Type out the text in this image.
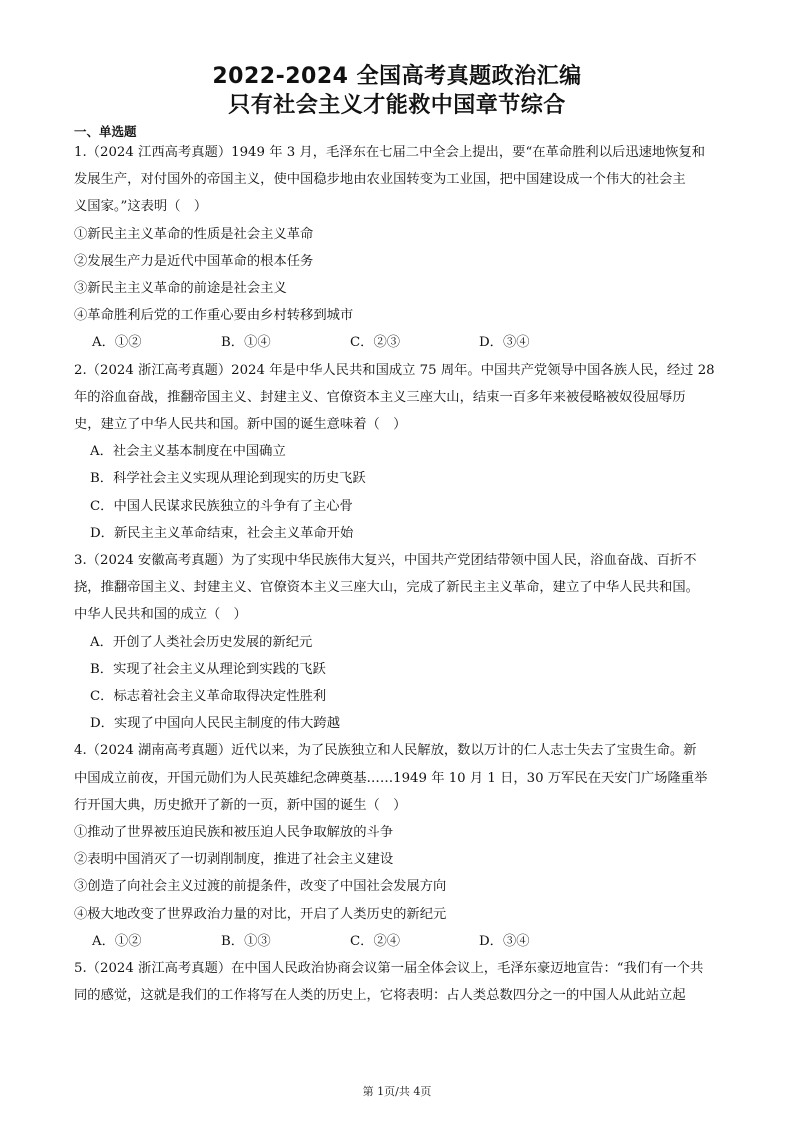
2022-2024 全国高考真题政治汇编
只有社会主义才能救中国章节综合
一、单选题
1.（2024 江西高考真题）1949 年 3 月，毛泽东在七届二中全会上提出，要“在革命胜利以后迅速地恢复和
发展生产，对付国外的帝国主义，使中国稳步地由农业国转变为工业国，把中国建设成一个伟大的社会主
义国家。”这表明（　）
①新民主主义革命的性质是社会主义革命
②发展生产力是近代中国革命的根本任务
③新民主主义革命的前途是社会主义
④革命胜利后党的工作重心要由乡村转移到城市
A．①②	B．①④	C．②③	D．③④
2.（2024 浙江高考真题）2024 年是中华人民共和国成立 75 周年。中国共产党领导中国各族人民，经过 28
年的浴血奋战，推翻帝国主义、封建主义、官僚资本主义三座大山，结束一百多年来被侵略被奴役屈辱历
史，建立了中华人民共和国。新中国的诞生意味着（　）
A．社会主义基本制度在中国确立
B．科学社会主义实现从理论到现实的历史飞跃
C．中国人民谋求民族独立的斗争有了主心骨
D．新民主主义革命结束，社会主义革命开始
3.（2024 安徽高考真题）为了实现中华民族伟大复兴，中国共产党团结带领中国人民，浴血奋战、百折不
挠，推翻帝国主义、封建主义、官僚资本主义三座大山，完成了新民主主义革命，建立了中华人民共和国。
中华人民共和国的成立（　）
A．开创了人类社会历史发展的新纪元
B．实现了社会主义从理论到实践的飞跃
C．标志着社会主义革命取得决定性胜利
D．实现了中国向人民民主制度的伟大跨越
4.（2024 湖南高考真题）近代以来，为了民族独立和人民解放，数以万计的仁人志士失去了宝贵生命。新
中国成立前夜，开国元勋们为人民英雄纪念碑奠基……1949 年 10 月 1 日，30 万军民在天安门广场隆重举
行开国大典，历史掀开了新的一页，新中国的诞生（　）
①推动了世界被压迫民族和被压迫人民争取解放的斗争
②表明中国消灭了一切剥削制度，推进了社会主义建设
③创造了向社会主义过渡的前提条件，改变了中国社会发展方向
④极大地改变了世界政治力量的对比，开启了人类历史的新纪元
A．①②	B．①③	C．②④	D．③④
5.（2024 浙江高考真题）在中国人民政治协商会议第一届全体会议上，毛泽东豪迈地宣告：“我们有一个共
同的感觉，这就是我们的工作将写在人类的历史上，它将表明：占人类总数四分之一的中国人从此站立起
第 1页/共 4页
